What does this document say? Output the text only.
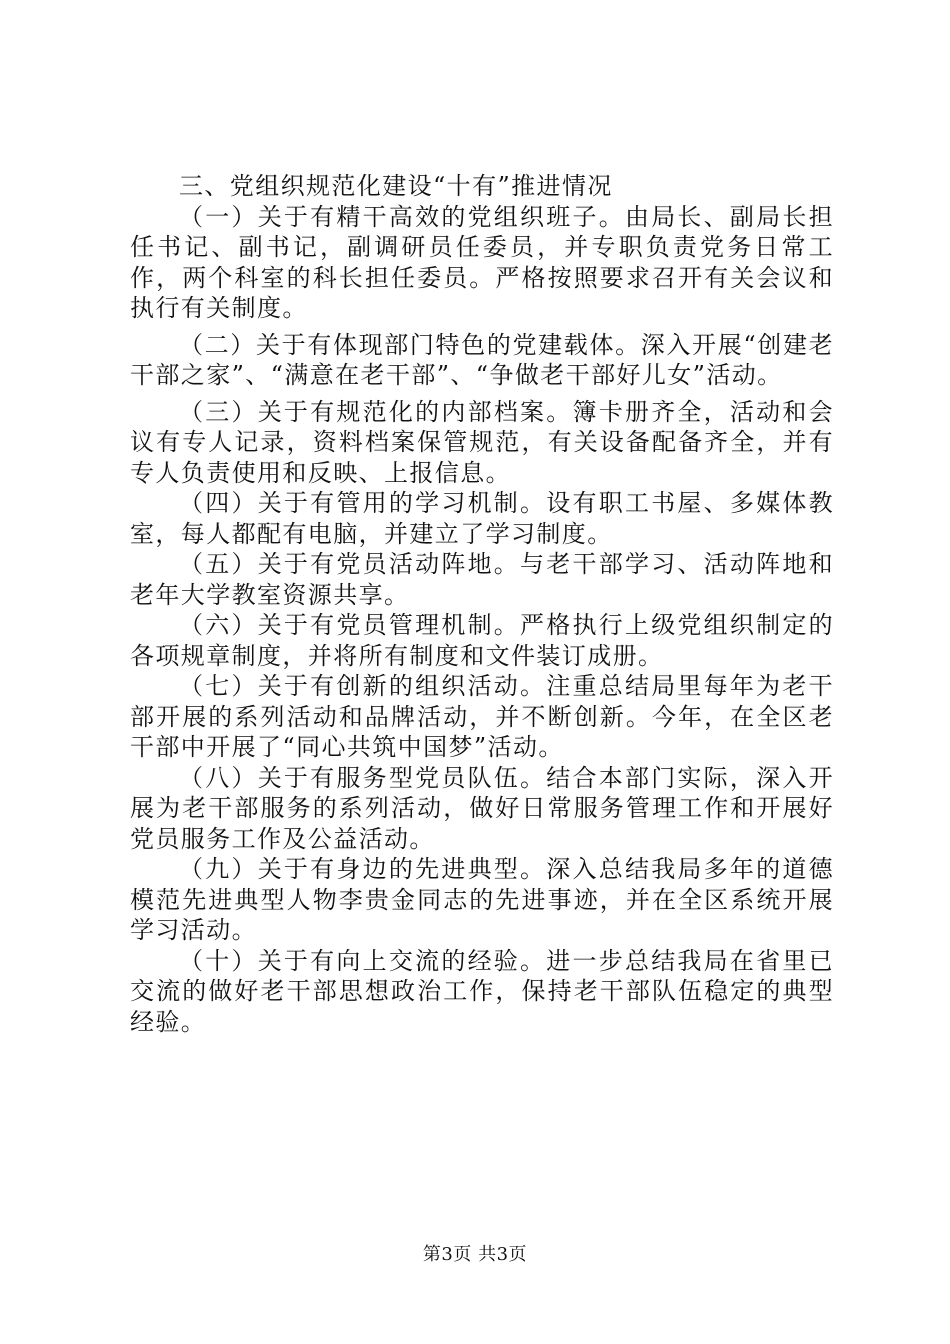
三、党组织规范化建设“十有”推进情况

（一）关于有精干高效的党组织班子。由局长、副局长担任书记、副书记，副调研员任委员，并专职负责党务日常工作，两个科室的科长担任委员。严格按照要求召开有关会议和执行有关制度。

（二）关于有体现部门特色的党建载体。深入开展“创建老干部之家”、“满意在老干部”、“争做老干部好儿女”活动。

（三）关于有规范化的内部档案。簿卡册齐全，活动和会议有专人记录，资料档案保管规范，有关设备配备齐全，并有专人负责使用和反映、上报信息。

（四）关于有管用的学习机制。设有职工书屋、多媒体教室，每人都配有电脑，并建立了学习制度。

（五）关于有党员活动阵地。与老干部学习、活动阵地和老年大学教室资源共享。

（六）关于有党员管理机制。严格执行上级党组织制定的各项规章制度，并将所有制度和文件装订成册。

（七）关于有创新的组织活动。注重总结局里每年为老干部开展的系列活动和品牌活动，并不断创新。今年，在全区老干部中开展了“同心共筑中国梦”活动。

（八）关于有服务型党员队伍。结合本部门实际，深入开展为老干部服务的系列活动，做好日常服务管理工作和开展好党员服务工作及公益活动。

（九）关于有身边的先进典型。深入总结我局多年的道德模范先进典型人物李贵金同志的先进事迹，并在全区系统开展学习活动。

（十）关于有向上交流的经验。进一步总结我局在省里已交流的做好老干部思想政治工作，保持老干部队伍稳定的典型经验。

第3页 共3页
